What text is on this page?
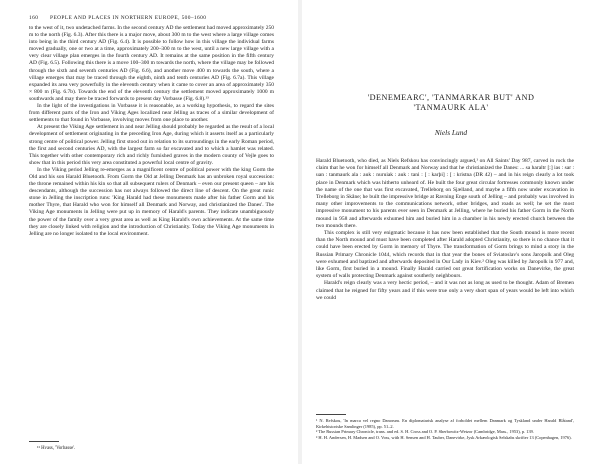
160 PEOPLE AND PLACES IN NORTHERN EUROPE, 500–1600

to the west of it, two undetached farms. In the second century AD the settlement had moved approximately 250 m to the north (Fig. 6.3). After this there is a major move, about 300 m to the west where a large village comes into being in the third century AD (Fig. 6.4). It is possible to follow how in this village the individual farms moved gradually, one or two at a time, approximately 200–300 m to the west, until a new large village with a very clear village plan emerges in the fourth century AD. It remains at the same position in the fifth century AD (Fig. 6.5). Following this there is a move 100–300 m towards the north, where the village may be followed through the sixth and seventh centuries AD (Fig. 6.6), and another move 400 m towards the south, where a village emerges that may be traced through the eighth, ninth and tenth centuries AD (Fig. 6.7a). This village expanded its area very powerfully in the eleventh century when it came to cover an area of approximately 350 × 800 m (Fig. 6.7b). Towards the end of the eleventh century the settlement moved approximately 1000 m southwards and may there be traced forwards to present day Vorbasse (Fig. 6.8).¹³

In the light of the investigations in Vorbasse it is reasonable, as a working hypothesis, to regard the sites from different parts of the Iron and Viking Ages localized near Jelling as traces of a similar development of settlements to that found in Vorbasse, involving moves from one place to another.

At present the Viking Age settlement in and near Jelling should probably be regarded as the result of a local development of settlement originating in the preceding Iron Age, during which it asserts itself as a particularly strong centre of political power. Jelling first stood out in relation to its surroundings in the early Roman period, the first and second centuries AD, with the largest farm so far excavated and to which a hamlet was related. This together with other contemporary rich and richly furnished graves in the modern county of Vejle goes to show that in this period this very area constituted a powerful local centre of gravity.

In the Viking period Jelling re-emerges as a magnificent centre of political power with the king Gorm the Old and his son Harald Bluetooth. From Gorm the Old at Jelling Denmark has an unbroken royal succession: the throne remained within his kin so that all subsequent rulers of Denmark – even our present queen – are his descendants, although the succession has not always followed the direct line of descent. On the great runic stone in Jelling the inscription runs: 'King Harald had these monuments made after his father Gorm and his mother Thyre, that Harald who won for himself all Denmark and Norway, and christianized the Danes'. The Viking Age monuments in Jelling were put up in memory of Harald's parents. They indicate unambiguously the power of the family over a very great area as well as King Harald's own achievements. At the same time they are closely linked with religion and the introduction of Christianity. Today the Viking Age monuments in Jelling are no longer isolated to the local environment.

¹³ Hvass, 'Vorbasse'.
'DENEMEARC', 'TANMARKAR BUT' AND
'TANMAURK ALA'
Niels Lund

Harald Bluetooth, who died, as Niels Refskou has convincingly argued,¹ on All Saints' Day 987, carved in rock the claim that he won for himself all Denmark and Norway and that he christianized the Danes: ... sa haraltr [:] ias : sar : uan : tanmaurk ala : auk : nuruiak : auk : tani : [ : karþi] : [ : kristna (DR 42) – and in his reign clearly a lot took place in Denmark which was hitherto unheard of. He built the four great circular fortresses commonly known under the name of the one that was first excavated, Trelleborg on Sjælland, and maybe a fifth now under excavation in Trelleborg in Skåne; he built the impressive bridge at Ravning Enge south of Jelling – and probably was involved in many other improvements to the communications network, other bridges, and roads as well; he set the most impressive monument to his parents ever seen in Denmark at Jelling, where he buried his father Gorm in the North mound in 958 and afterwards exhumed him and buried him in a chamber in his newly erected church between the two mounds there.

This complex is still very enigmatic because it has now been established that the South mound is more recent than the North mound and must have been completed after Harald adopted Christianity, so there is no chance that it could have been erected by Gorm in memory of Thyre. The transformation of Gorm brings to mind a story in the Russian Primary Chronicle 1044, which records that in that year the bones of Sviatoslav's sons Jaropolk and Oleg were exhumed and baptized and afterwards deposited in Our Lady in Kiev.² Oleg was killed by Jaropolk in 977 and, like Gorm, first buried in a mound. Finally Harald carried out great fortification works on Danevirke, the great system of walls protecting Denmark against southerly neighbours.

Harald's reign clearly was a very hectic period, – and it was not as long as used to be thought. Adam of Bremen claimed that he reigned for fifty years and if this were true only a very short span of years would be left into which we could

¹ N. Refskou, 'In marca vel regno Danorum. En diplomatarisk analyse af forholdet mellem Danmark og Tyskland under Harald Blåtand', Kirkehistoriske Samlinger (1985), pp. 51–2.

² The Russian Primary Chronicle, trans. and ed. S. H. Cross and O. P. Sherbowitz-Wetzor (Cambridge, Mass., 1953), p. 139.

³ H. H. Andersen, H. Madsen and O. Voss, with H. Sensen and H. Tauber, Danevirke, Jysk Arkæologisk Selskabs skrifter 13 (Copenhagen, 1976).
